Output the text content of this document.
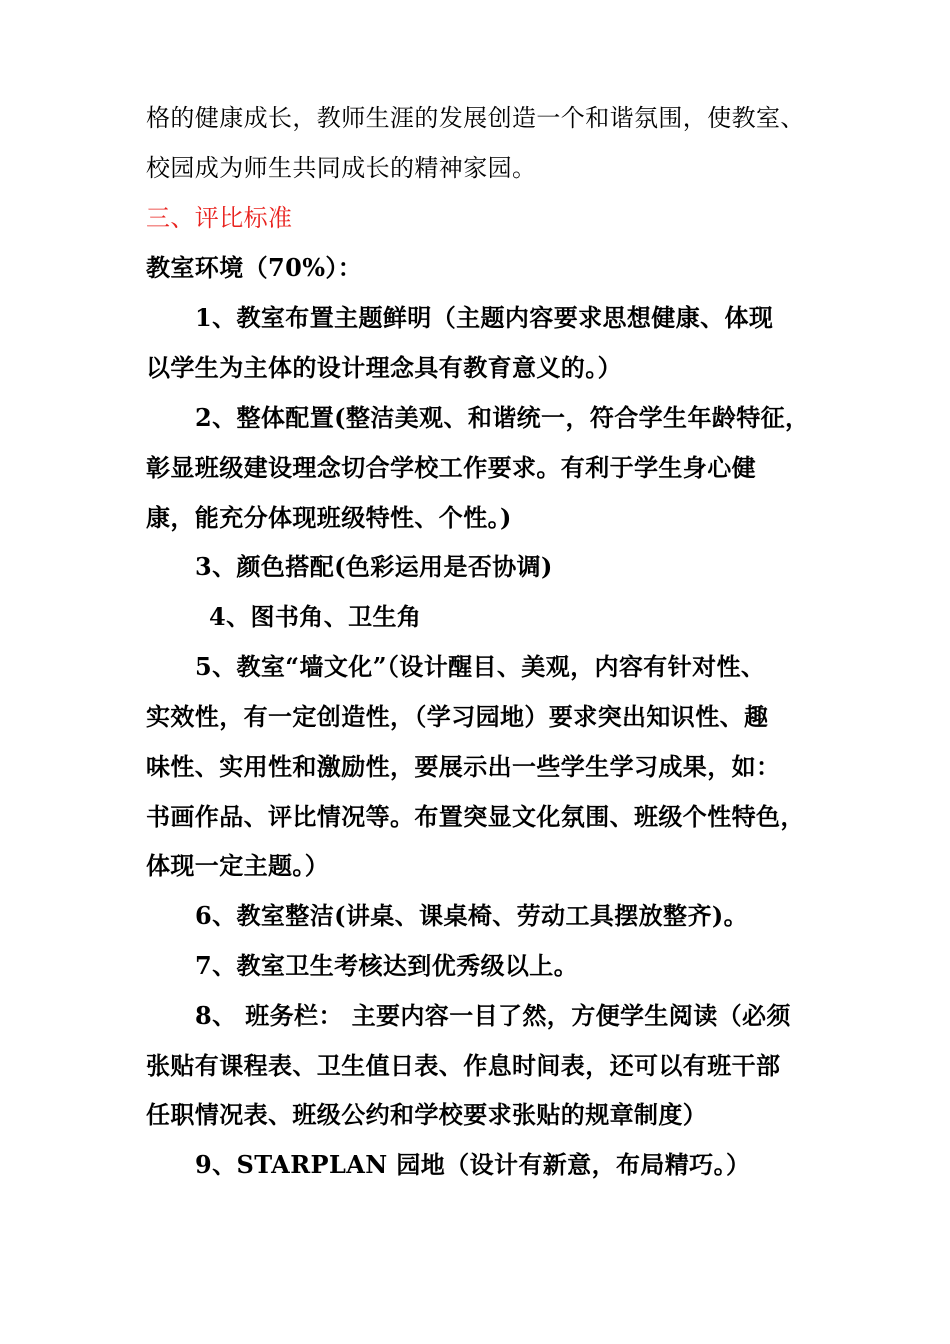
格的健康成长，教师生涯的发展创造一个和谐氛围，使教室、
校园成为师生共同成长的精神家园。
三、评比标准
教室环境（70%）：
1、教室布置主题鲜明（主题内容要求思想健康、体现
以学生为主体的设计理念具有教育意义的。）
2、整体配置(整洁美观、和谐统一，符合学生年龄特征，
彰显班级建设理念切合学校工作要求。有利于学生身心健
康，能充分体现班级特性、个性。)
3、颜色搭配(色彩运用是否协调)
4、图书角、卫生角
5、教室“墙文化”（设计醒目、美观，内容有针对性、
实效性，有一定创造性，（学习园地）要求突出知识性、趣
味性、实用性和激励性，要展示出一些学生学习成果，如：
书画作品、评比情况等。布置突显文化氛围、班级个性特色，
体现一定主题。）
6、教室整洁(讲桌、课桌椅、劳动工具摆放整齐)。
7、教室卫生考核达到优秀级以上。
8、 班务栏： 主要内容一目了然，方便学生阅读（必须
张贴有课程表、卫生值日表、作息时间表，还可以有班干部
任职情况表、班级公约和学校要求张贴的规章制度）
9、STARPLAN 园地（设计有新意，布局精巧。）
